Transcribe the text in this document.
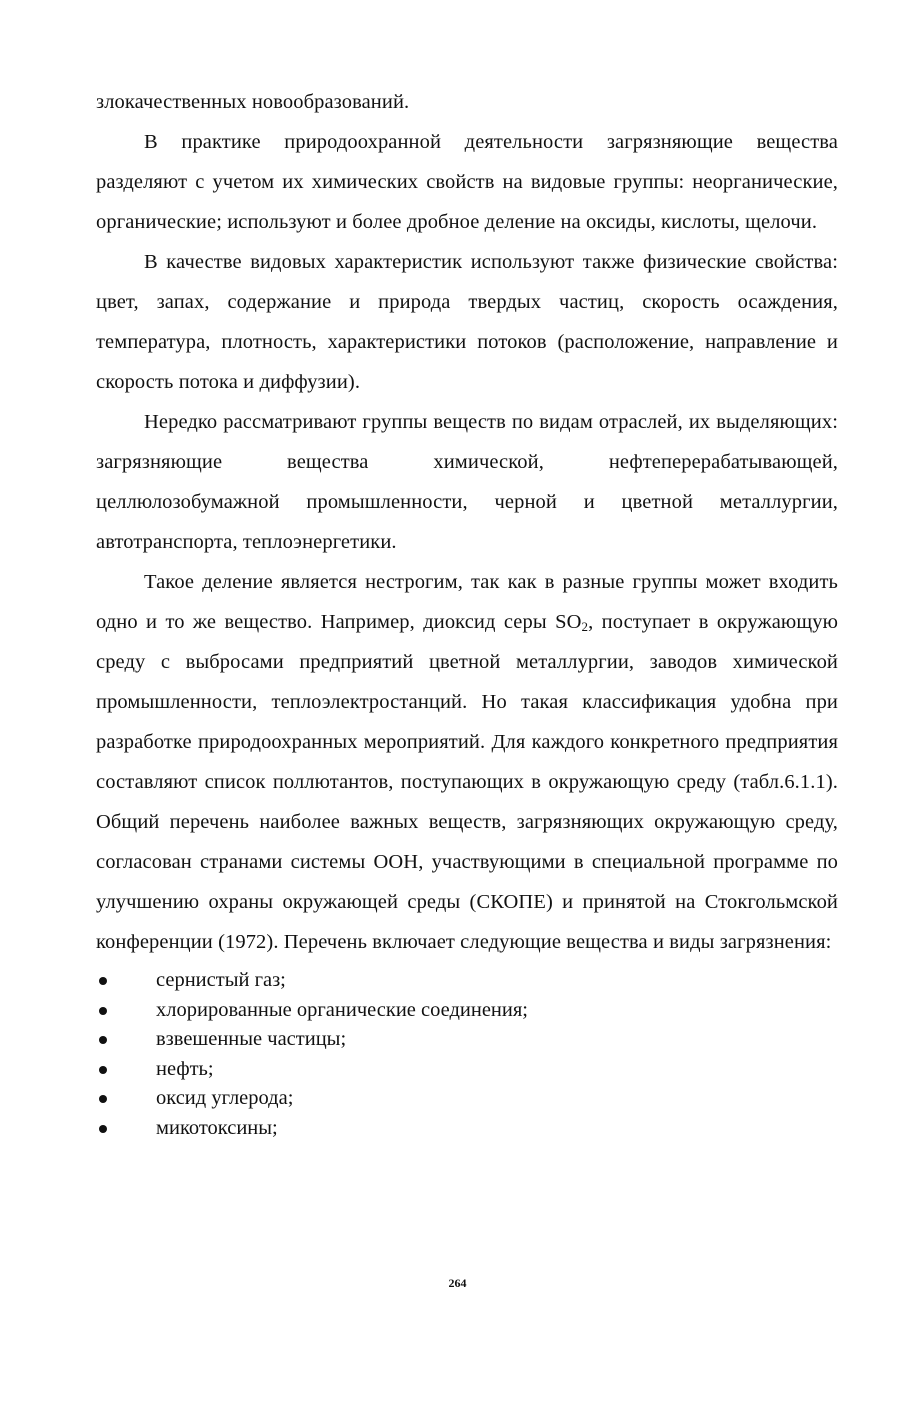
злокачественных новообразований.

В практике природоохранной деятельности загрязняющие вещества разделяют с учетом их химических свойств на видовые группы: неорганические, органические; используют и более дробное деление на оксиды, кислоты, щелочи.

В качестве видовых характеристик используют также физические свойства: цвет, запах, содержание и природа твердых частиц, скорость осаждения, температура, плотность, характеристики потоков (расположение, направление и скорость потока и диффузии).

Нередко рассматривают группы веществ по видам отраслей, их выделяющих: загрязняющие вещества химической, нефтеперерабатывающей, целлюлозобумажной промышленности, черной и цветной металлургии, автотранспорта, теплоэнергетики.

Такое деление является нестрогим, так как в разные группы может входить одно и то же вещество. Например, диоксид серы $SO_2$, поступает в окружающую среду с выбросами предприятий цветной металлургии, заводов химической промышленности, теплоэлектростанций. Но такая классификация удобна при разработке природоохранных мероприятий. Для каждого конкретного предприятия составляют список поллютантов, поступающих в окружающую среду (табл.6.1.1). Общий перечень наиболее важных веществ, загрязняющих окружающую среду, согласован странами системы ООН, участвующими в специальной программе по улучшению охраны окружающей среды (СКОПЕ) и принятой на Стокгольмской конференции (1972). Перечень включает следующие вещества и виды загрязнения:

сернистый газ;
хлорированные органические соединения;
взвешенные частицы;
нефть;
оксид углерода;
микотоксины;
264
